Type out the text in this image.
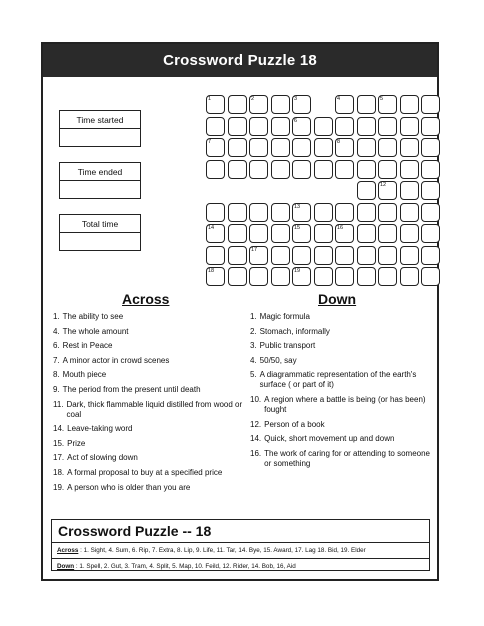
Crossword Puzzle 18
Time started
Time ended
Total time
1	2	3	4	5
6
7	8
12
13
14	15	16
17
18	19
Across	Down
1. The ability to see
4. The whole amount
6. Rest in Peace
7. A minor actor in crowd scenes
8. Mouth piece
9. The period from the present until death
11. Dark, thick flammable liquid distilled from wood or coal
14. Leave-taking word
15. Prize
17. Act of slowing down
18. A formal proposal to buy at a specified price
19. A person who is older than you are
1. Magic formula
2. Stomach, informally
3. Public transport
4. 50/50, say
5. A diagrammatic representation of the earth's surface ( or part of it)
10. A region where a battle is being (or has been) fought
12. Person of a book
14. Quick, short movement up and down
16. The work of caring for or attending to someone or something
Crossword Puzzle -- 18
Across : 1. Sight, 4. Sum, 6. Rip, 7. Extra, 8. Lip, 9. Life, 11. Tar, 14. Bye, 15. Award, 17. Lag 18. Bid, 19. Elder
Down : 1. Spell, 2. Gut, 3. Tram, 4. Split, 5. Map, 10. Feild, 12. Rider, 14. Bob, 16, Aid
